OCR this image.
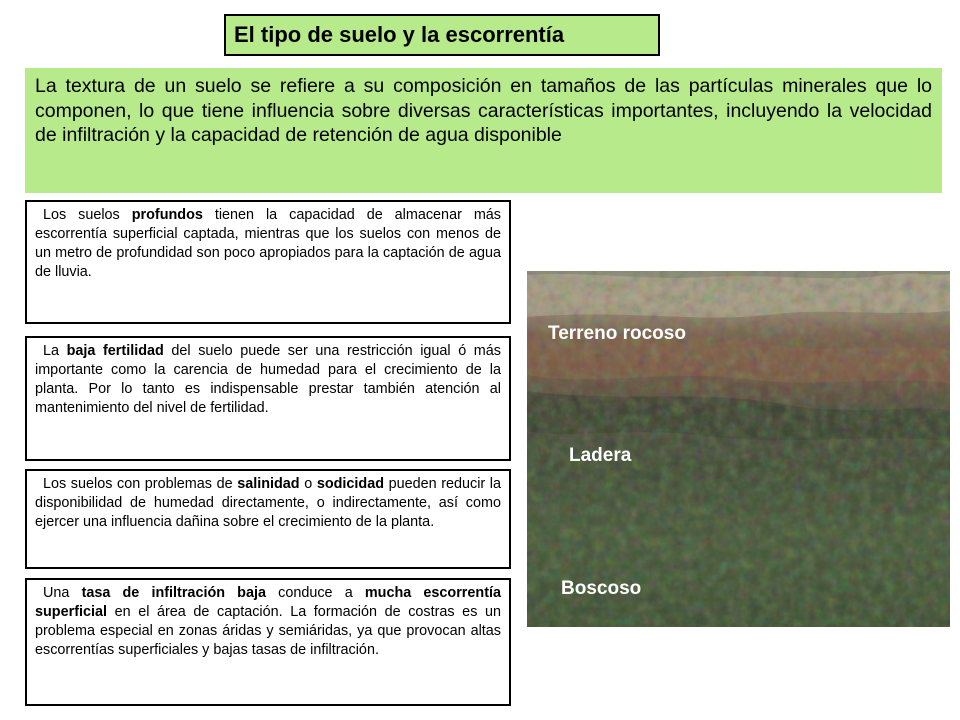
El tipo de suelo y la escorrentía
La textura de un suelo se refiere a su composición en tamaños de las partículas minerales que lo componen, lo que tiene influencia sobre diversas características importantes, incluyendo la velocidad de infiltración y la capacidad de retención de agua disponible

Los suelos profundos tienen la capacidad de almacenar más escorrentía superficial captada, mientras que los suelos con menos de un metro de profundidad son poco apropiados para la captación de agua de lluvia.

La baja fertilidad del suelo puede ser una restricción igual ó más importante como la carencia de humedad para el crecimiento de la planta. Por lo tanto es indispensable prestar también atención al mantenimiento del nivel de fertilidad.

Los suelos con problemas de salinidad o sodicidad pueden reducir la disponibilidad de humedad directamente, o indirectamente, así como ejercer una influencia dañina sobre el crecimiento de la planta.

Una tasa de infiltración baja conduce a mucha escorrentía superficial en el área de captación. La formación de costras es un problema especial en zonas áridas y semiáridas, ya que provocan altas escorrentías superficiales y bajas tasas de infiltración.

Terreno rocoso
Ladera
Boscoso
